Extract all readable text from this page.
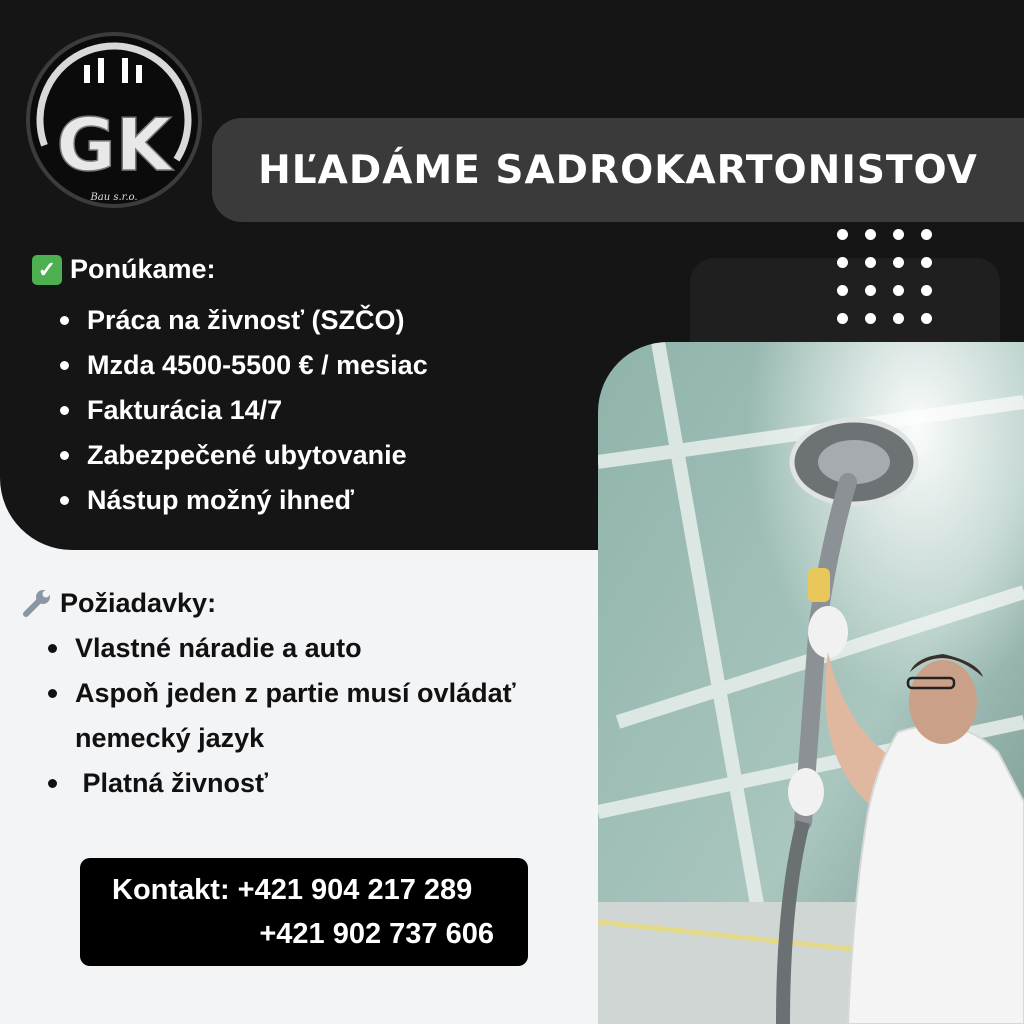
GK
Bau s.r.o.
HĽADÁME SADROKARTONISTOV
✓ Ponúkame:
Práca na živnosť (SZČO)
Mzda 4500-5500 € / mesiac
Fakturácia 14/7
Zabezpečené ubytovanie
Nástup možný ihneď
Požiadavky:
Vlastné náradie a auto
Aspoň jeden z partie musí ovládať nemecký jazyk
Platná živnosť
Kontakt: +421 904 217 289
+421 902 737 606
